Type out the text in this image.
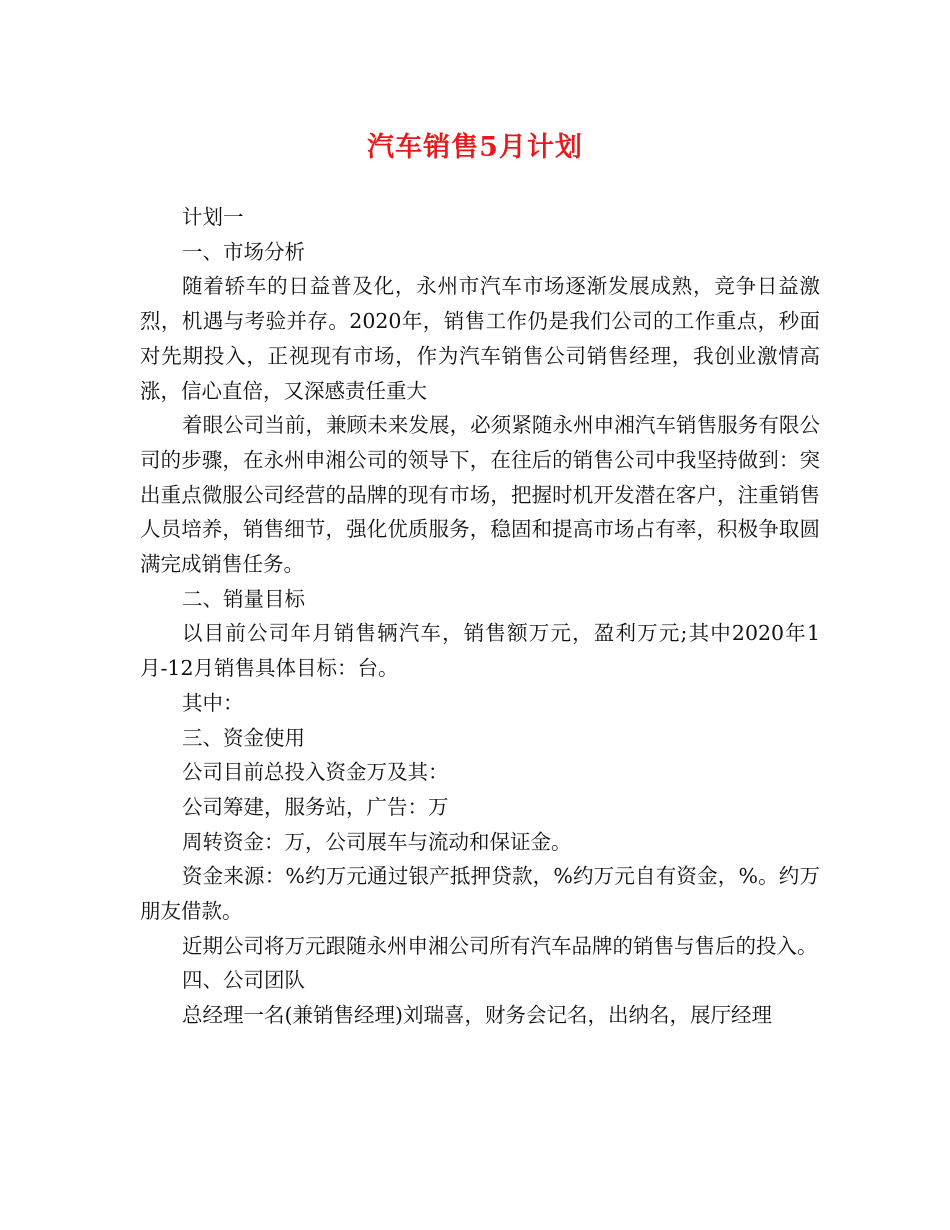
汽车销售5月计划

计划一

一、市场分析

随着轿车的日益普及化，永州市汽车市场逐渐发展成熟，竞争日益激烈，机遇与考验并存。2020年，销售工作仍是我们公司的工作重点，秒面对先期投入，正视现有市场，作为汽车销售公司销售经理，我创业激情高涨，信心直倍，又深感责任重大

着眼公司当前，兼顾未来发展，必须紧随永州申湘汽车销售服务有限公司的步骤，在永州申湘公司的领导下，在往后的销售公司中我坚持做到：突出重点微服公司经营的品牌的现有市场，把握时机开发潜在客户，注重销售人员培养，销售细节，强化优质服务，稳固和提高市场占有率，积极争取圆满完成销售任务。

二、销量目标

以目前公司年月销售辆汽车，销售额万元，盈利万元;其中2020年1月-12月销售具体目标：台。

其中：

三、资金使用

公司目前总投入资金万及其：

公司筹建，服务站，广告：万

周转资金：万，公司展车与流动和保证金。

资金来源：%约万元通过银产抵押贷款，%约万元自有资金，%。约万朋友借款。

近期公司将万元跟随永州申湘公司所有汽车品牌的销售与售后的投入。

四、公司团队

总经理一名(兼销售经理)刘瑞喜，财务会记名，出纳名，展厅经理
